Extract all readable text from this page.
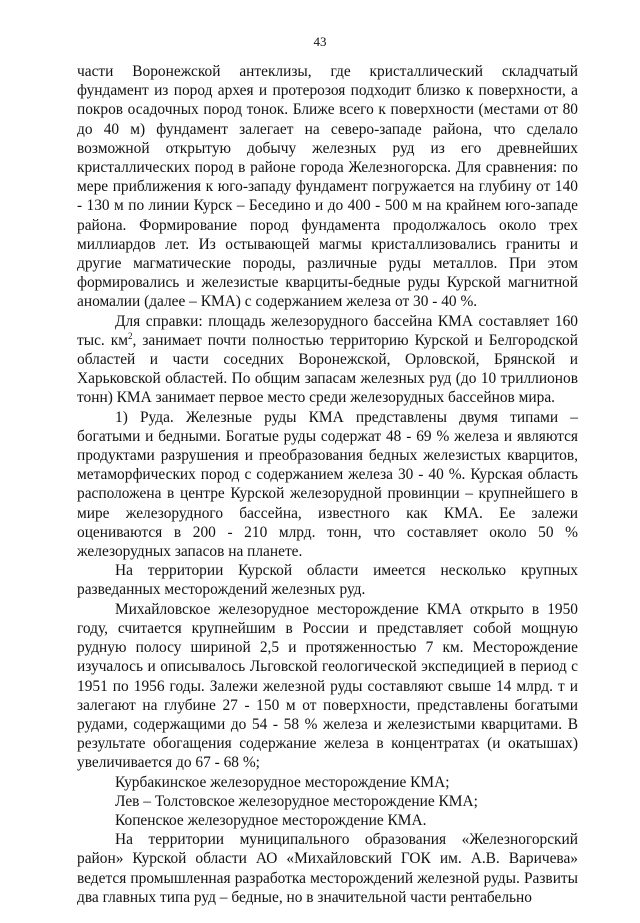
43

части Воронежской антеклизы, где кристаллический складчатый фундамент из пород архея и протерозоя подходит близко к поверхности, а покров осадочных пород тонок. Ближе всего к поверхности (местами от 80 до 40 м) фундамент залегает на северо-западе района, что сделало возможной открытую добычу железных руд из его древнейших кристаллических пород в районе города Железногорска. Для сравнения: по мере приближения к юго-западу фундамент погружается на глубину от 140 - 130 м по линии Курск – Беседино и до 400 - 500 м на крайнем юго-западе района. Формирование пород фундамента продолжалось около трех миллиардов лет. Из остывающей магмы кристаллизовались граниты и другие магматические породы, различные руды металлов. При этом формировались и железистые кварциты-бедные руды Курской магнитной аномалии (далее – КМА) с содержанием железа от 30 - 40 %.

Для справки: площадь железорудного бассейна КМА составляет 160 тыс. $км^2$, занимает почти полностью территорию Курской и Белгородской областей и части соседних Воронежской, Орловской, Брянской и Харьковской областей. По общим запасам железных руд (до 10 триллионов тонн) КМА занимает первое место среди железорудных бассейнов мира.

1) Руда. Железные руды КМА представлены двумя типами – богатыми и бедными. Богатые руды содержат 48 - 69 % железа и являются продуктами разрушения и преобразования бедных железистых кварцитов, метаморфических пород с содержанием железа 30 - 40 %. Курская область расположена в центре Курской железорудной провинции – крупнейшего в мире железорудного бассейна, известного как КМА. Ее залежи оцениваются в 200 - 210 млрд. тонн, что составляет около 50 % железорудных запасов на планете.

На территории Курской области имеется несколько крупных разведанных месторождений железных руд.

Михайловское железорудное месторождение КМА открыто в 1950 году, считается крупнейшим в России и представляет собой мощную рудную полосу шириной 2,5 и протяженностью 7 км. Месторождение изучалось и описывалось Льговской геологической экспедицией в период с 1951 по 1956 годы. Залежи железной руды составляют свыше 14 млрд. т и залегают на глубине 27 - 150 м от поверхности, представлены богатыми рудами, содержащими до 54 - 58 % железа и железистыми кварцитами. В результате обогащения содержание железа в концентратах (и окатышах) увеличивается до 67 - 68 %;

Курбакинское железорудное месторождение КМА;

Лев – Толстовское железорудное месторождение КМА;

Копенское железорудное месторождение КМА.

На территории муниципального образования «Железногорский район» Курской области АО «Михайловский ГОК им. А.В. Варичева» ведется промышленная разработка месторождений железной руды. Развиты два главных типа руд – бедные, но в значительной части рентабельно
